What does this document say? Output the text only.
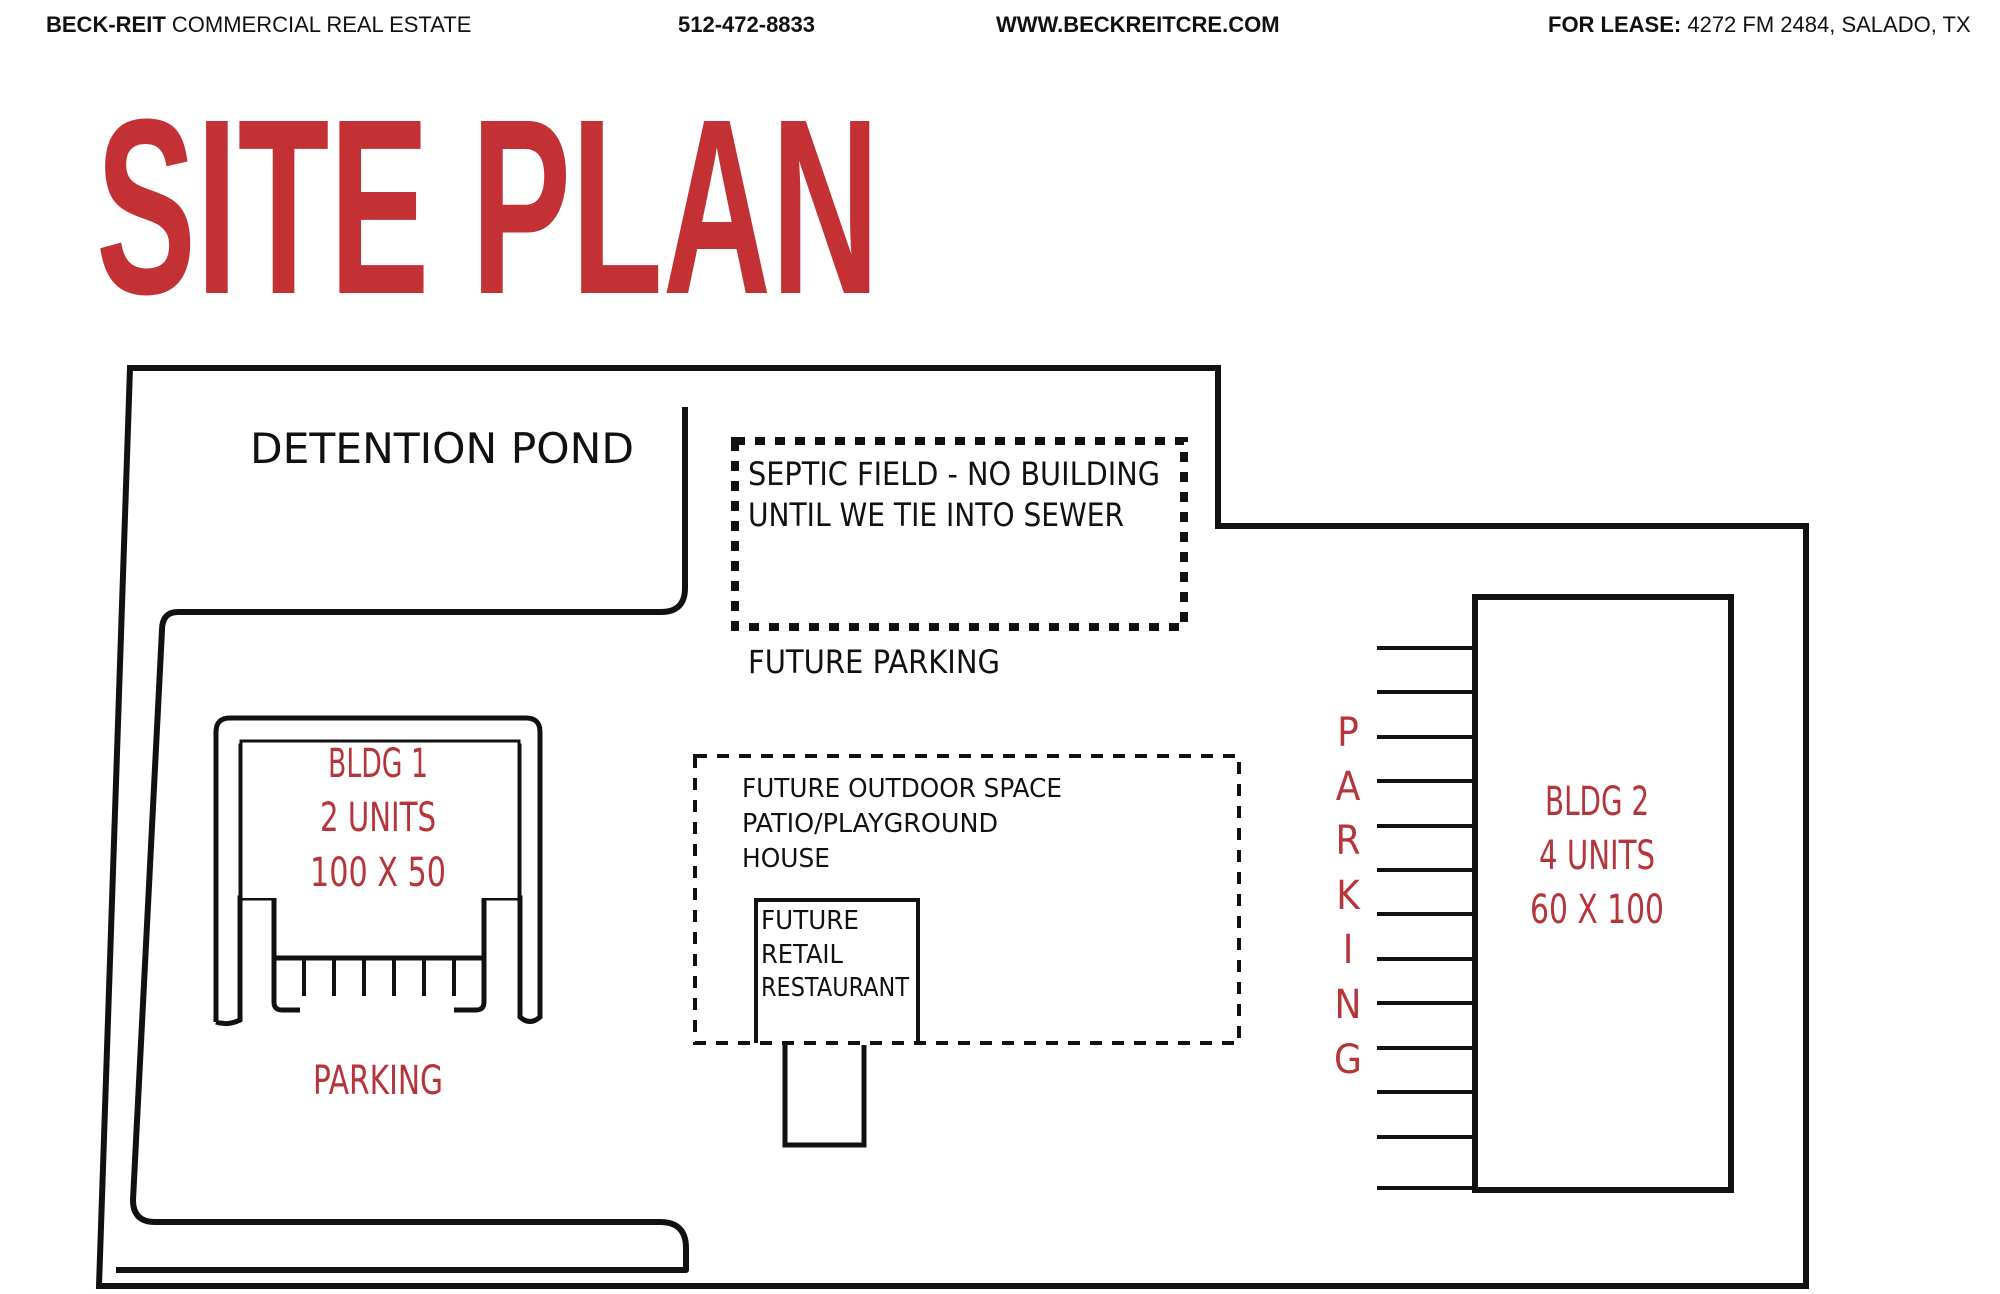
BECK-REIT COMMERCIAL REAL ESTATE	512-472-8833	WWW.BECKREITCRE.COM	FOR LEASE: 4272 FM 2484, SALADO, TX
SITE PLAN
DETENTION POND
SEPTIC FIELD - NO BUILDING
UNTIL WE TIE INTO SEWER
FUTURE PARKING
BLDG 1
2 UNITS
100 X 50
PARKING
FUTURE OUTDOOR SPACE
PATIO/PLAYGROUND
HOUSE
FUTURE
RETAIL
RESTAURANT
P
A
R
K
I
N
G
BLDG 2
4 UNITS
60 X 100
